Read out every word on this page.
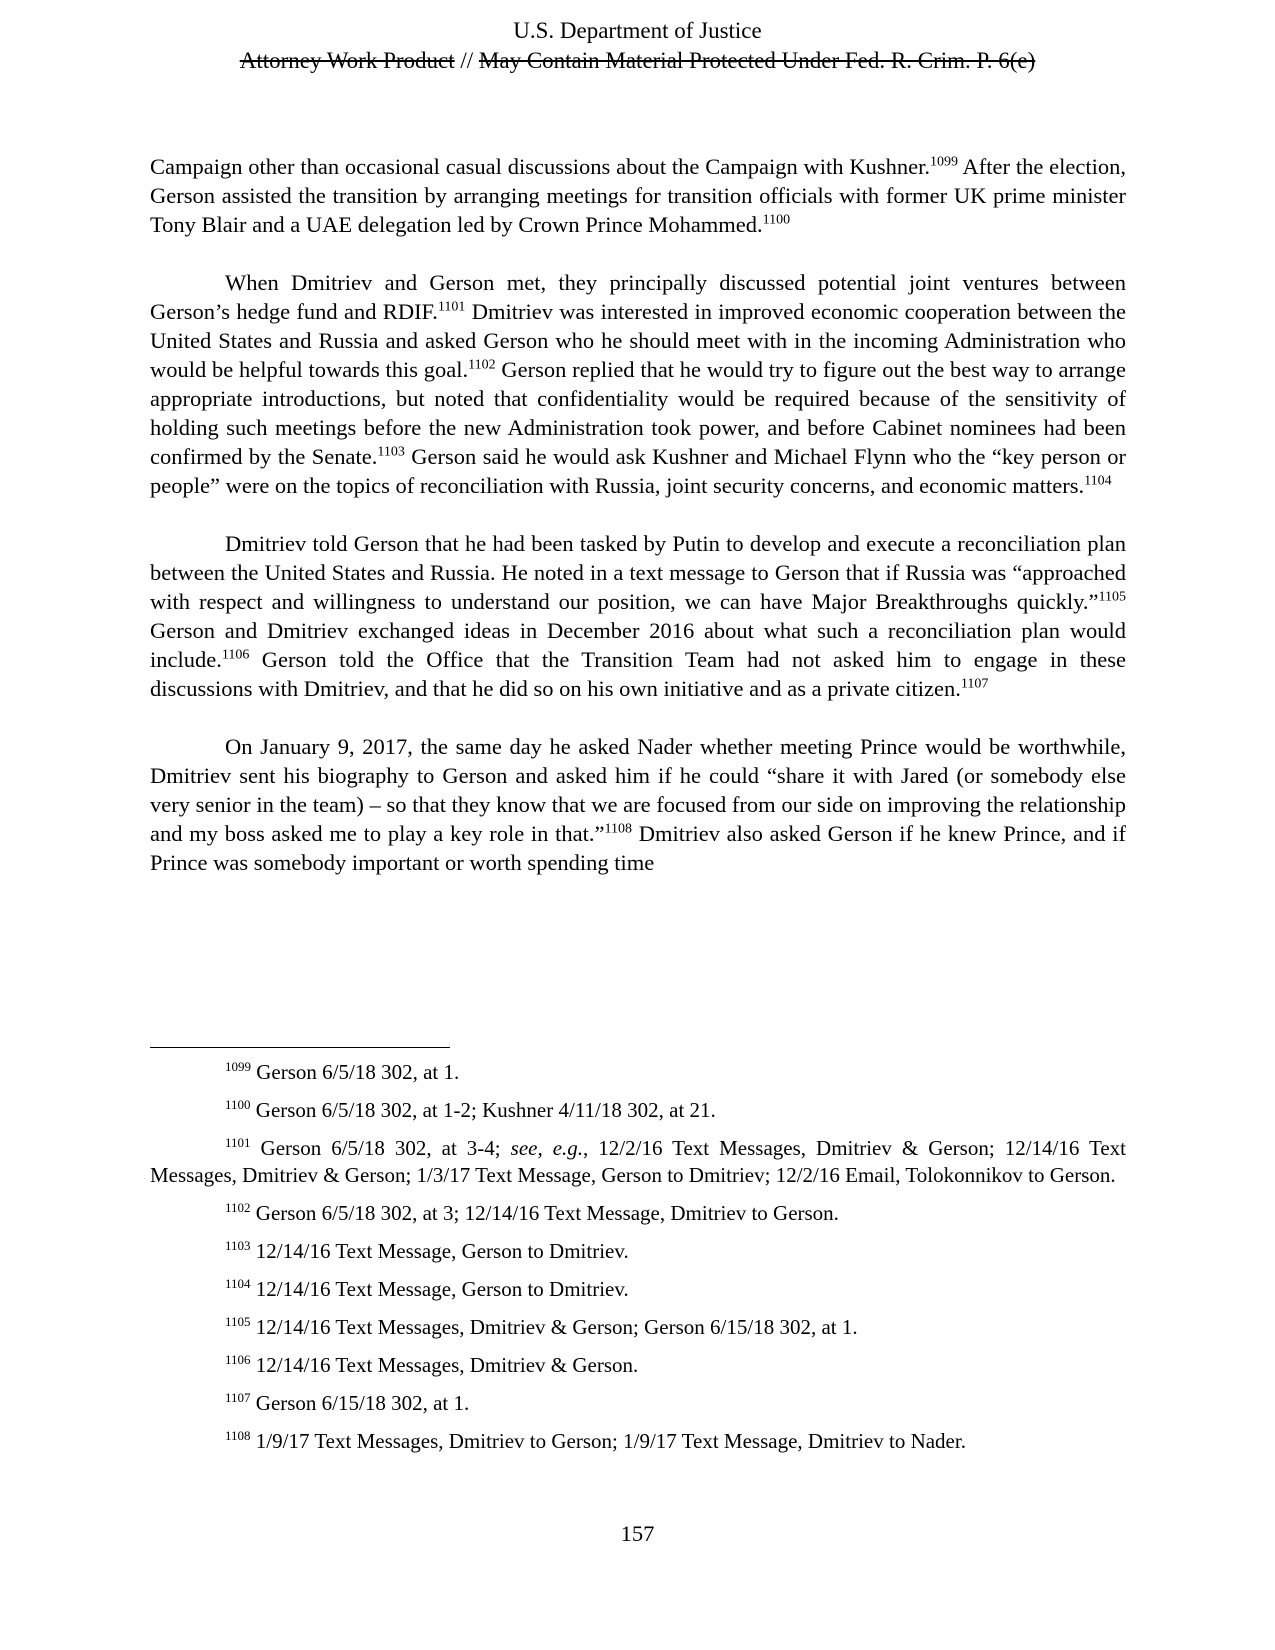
U.S. Department of Justice
Attorney Work Product // May Contain Material Protected Under Fed. R. Crim. P. 6(e)

Campaign other than occasional casual discussions about the Campaign with Kushner.$^{1099}$ After the election, Gerson assisted the transition by arranging meetings for transition officials with former UK prime minister Tony Blair and a UAE delegation led by Crown Prince Mohammed.$^{1100}$

When Dmitriev and Gerson met, they principally discussed potential joint ventures between Gerson’s hedge fund and RDIF.$^{1101}$ Dmitriev was interested in improved economic cooperation between the United States and Russia and asked Gerson who he should meet with in the incoming Administration who would be helpful towards this goal.$^{1102}$ Gerson replied that he would try to figure out the best way to arrange appropriate introductions, but noted that confidentiality would be required because of the sensitivity of holding such meetings before the new Administration took power, and before Cabinet nominees had been confirmed by the Senate.$^{1103}$ Gerson said he would ask Kushner and Michael Flynn who the “key person or people” were on the topics of reconciliation with Russia, joint security concerns, and economic matters.$^{1104}$

Dmitriev told Gerson that he had been tasked by Putin to develop and execute a reconciliation plan between the United States and Russia. He noted in a text message to Gerson that if Russia was “approached with respect and willingness to understand our position, we can have Major Breakthroughs quickly.”$^{1105}$ Gerson and Dmitriev exchanged ideas in December 2016 about what such a reconciliation plan would include.$^{1106}$ Gerson told the Office that the Transition Team had not asked him to engage in these discussions with Dmitriev, and that he did so on his own initiative and as a private citizen.$^{1107}$

On January 9, 2017, the same day he asked Nader whether meeting Prince would be worthwhile, Dmitriev sent his biography to Gerson and asked him if he could “share it with Jared (or somebody else very senior in the team) – so that they know that we are focused from our side on improving the relationship and my boss asked me to play a key role in that.”$^{1108}$ Dmitriev also asked Gerson if he knew Prince, and if Prince was somebody important or worth spending time

$^{1099}$ Gerson 6/5/18 302, at 1.

$^{1100}$ Gerson 6/5/18 302, at 1-2; Kushner 4/11/18 302, at 21.

$^{1101}$ Gerson 6/5/18 302, at 3-4; see, e.g., 12/2/16 Text Messages, Dmitriev & Gerson; 12/14/16 Text Messages, Dmitriev & Gerson; 1/3/17 Text Message, Gerson to Dmitriev; 12/2/16 Email, Tolokonnikov to Gerson.

$^{1102}$ Gerson 6/5/18 302, at 3; 12/14/16 Text Message, Dmitriev to Gerson.

$^{1103}$ 12/14/16 Text Message, Gerson to Dmitriev.

$^{1104}$ 12/14/16 Text Message, Gerson to Dmitriev.

$^{1105}$ 12/14/16 Text Messages, Dmitriev & Gerson; Gerson 6/15/18 302, at 1.

$^{1106}$ 12/14/16 Text Messages, Dmitriev & Gerson.

$^{1107}$ Gerson 6/15/18 302, at 1.

$^{1108}$ 1/9/17 Text Messages, Dmitriev to Gerson; 1/9/17 Text Message, Dmitriev to Nader.

157
